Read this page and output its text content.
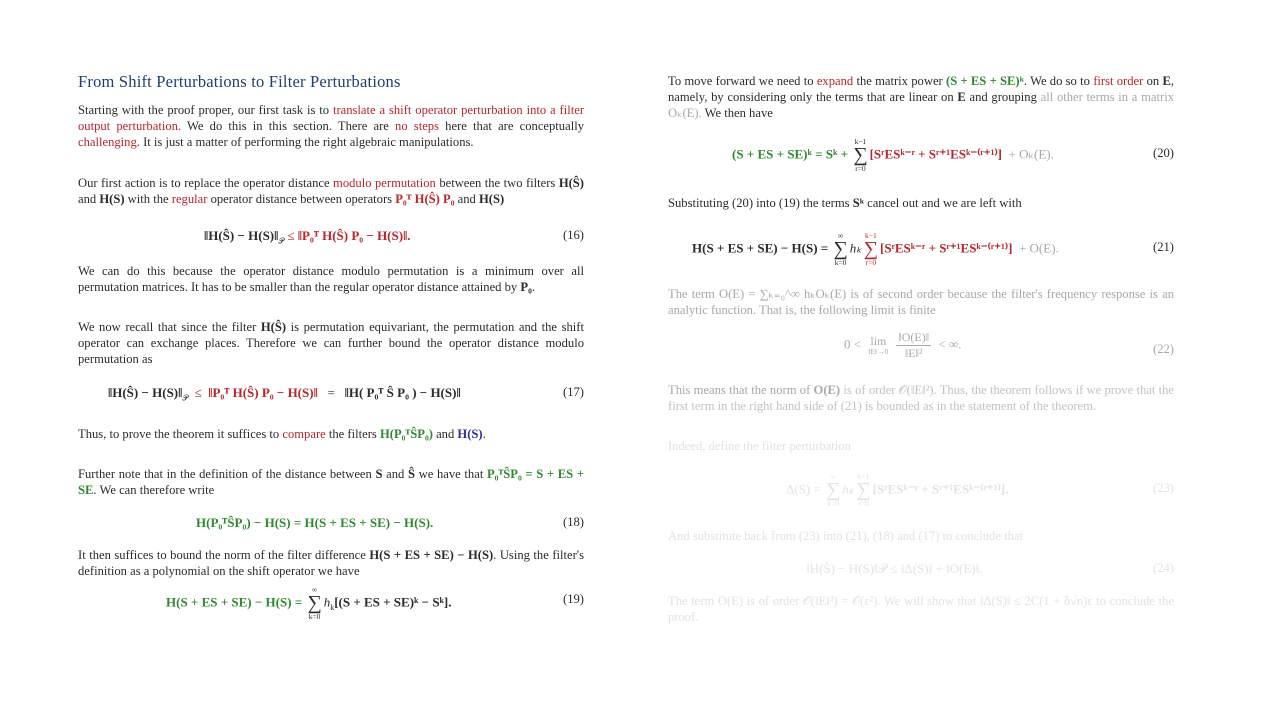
From Shift Perturbations to Filter Perturbations
Starting with the proof proper, our first task is to translate a shift operator perturbation into a filter output perturbation. We do this in this section. There are no steps here that are conceptually challenging. It is just a matter of performing the right algebraic manipulations.
Our first action is to replace the operator distance modulo permutation between the two filters H(Ŝ) and H(S) with the regular operator distance between operators P₀ᵀ H(Ŝ) P₀ and H(S)
‖H(Ŝ) − $H(S)‖_𝒫$ ≤ ‖P₀ᵀ H(Ŝ) P₀ − H(S)‖.	(16)
We can do this because the operator distance modulo permutation is a minimum over all permutation matrices. It has to be smaller than the regular operator distance attained by P₀.
We now recall that since the filter H(Ŝ) is permutation equivariant, the permutation and the shift operator can exchange places. Therefore we can further bound the operator distance modulo permutation as
‖H(Ŝ) − $H(S)‖_𝒫$ ≤ ‖P₀ᵀ H(Ŝ) P₀ − H(S)‖ = ‖H( P₀ᵀ Ŝ P₀ ) − H(S)‖	(17)
Thus, to prove the theorem it suffices to compare the filters H(P₀ᵀŜP₀) and H(S).
Further note that in the definition of the distance between S and Ŝ we have that P₀ᵀŜP₀ = S + ES + SE. We can therefore write
H(P₀ᵀŜP₀) − H(S) = H(S + ES + SE) − H(S).	(18)
It then suffices to bound the norm of the filter difference H(S + ES + SE) − H(S). Using the filter's definition as a polynomial on the shift operator we have
H(S + ES + SE) − H(S) =
∞
∑
k=0
$h_k[(S$ + ES + SE)ᵏ − Sᵏ].	(19)
To move forward we need to expand the matrix power (S + ES + SE)ᵏ. We do so to first order on E, namely, by considering only the terms that are linear on E and grouping all other terms in a matrix Oₖ(E). We then have
(S + ES + SE)ᵏ = Sᵏ +
k−1
∑
r=0
[SʳESᵏ⁻ʳ + Sʳ⁺¹ESᵏ⁻⁽ʳ⁺¹⁾] + Oₖ(E).	(20)
Substituting (20) into (19) the terms Sᵏ cancel out and we are left with
H(S + ES + SE) − H(S) =
∞
∑
k=0
hₖ
k−1
∑
r=0
[SʳESᵏ⁻ʳ + Sʳ⁺¹ESᵏ⁻⁽ʳ⁺¹⁾] + O(E).	(21)
The term O(E) = ∑ₖ₌₀^∞ hₖOₖ(E) is of second order because the filter's frequency response is an analytic function. That is, the following limit is finite
0 < lim
‖E‖→0 $\frac{‖O(E)‖}{\text{‖E‖²}}$ < ∞.	(22)
This means that the norm of O(E) is of order 𝒪(‖E‖²). Thus, the theorem follows if we prove that the first term in the right hand side of (21) is bounded as in the statement of the theorem.
Indeed, define the filter perturbation
Δ(S) =
∞
∑
k=0
hₖ
k−1
∑
r=0
[SʳESᵏ⁻ʳ + Sʳ⁺¹ESᵏ⁻⁽ʳ⁺¹⁾].	(23)
And substitute back from (23) into (21), (18) and (17) to conclude that
‖H(Ŝ) − H(S)‖𝒫 ≤ ‖Δ(S)‖ + ‖O(E)‖.	(24)
The term O(E) is of order 𝒪(‖E‖²) = 𝒪(ε²). We will show that ‖Δ(S)‖ ≤ 2C(1 + δ√n)ε to conclude the proof.
